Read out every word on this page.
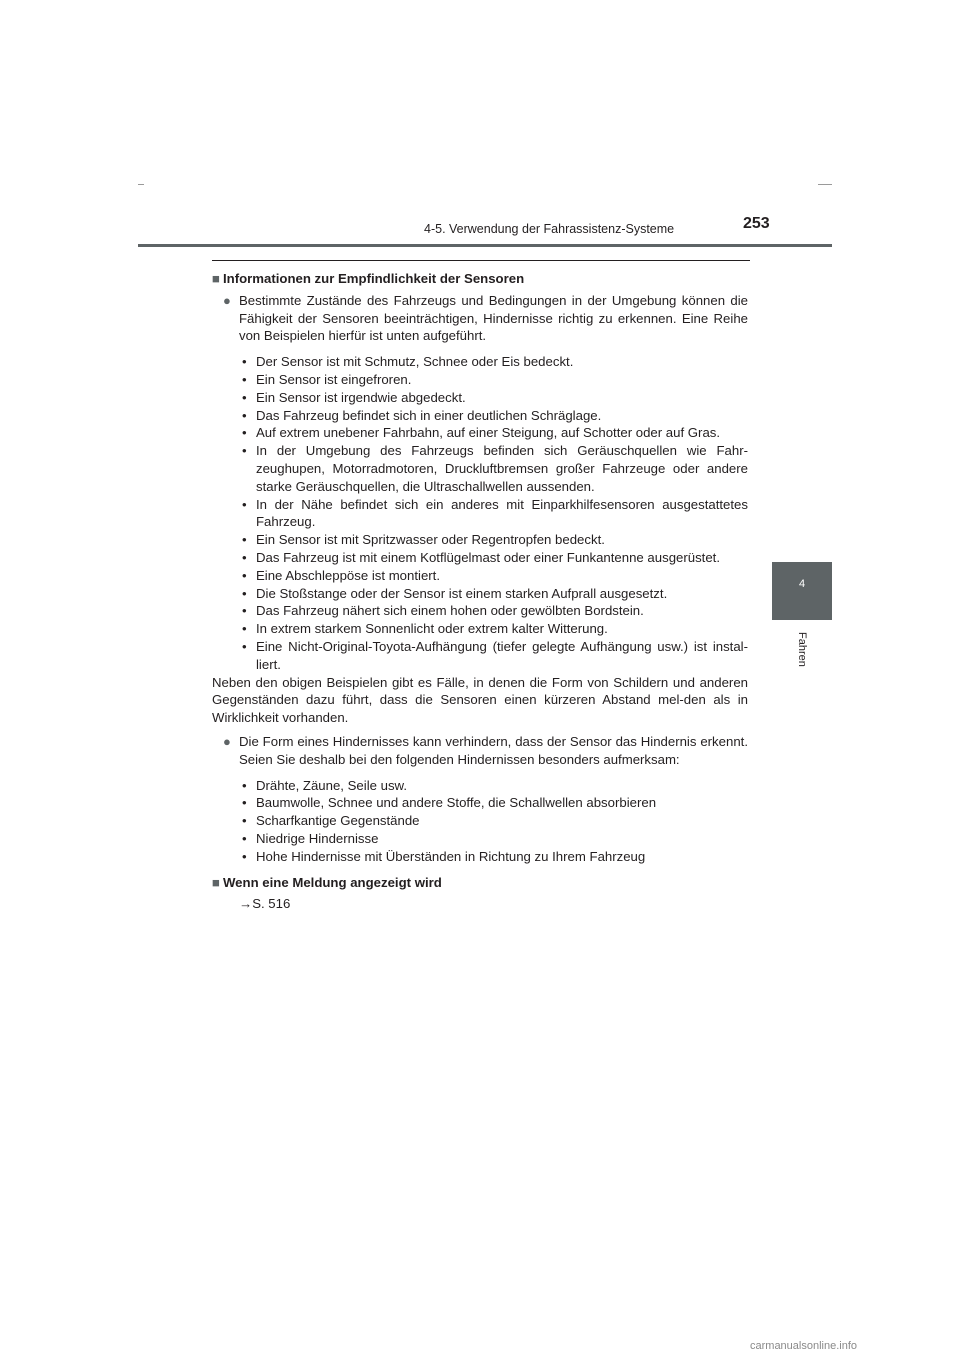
4-5. Verwendung der Fahrassistenz-Systeme	253
4
Fahren

■ Informationen zur Empfindlichkeit der Sensoren

● Bestimmte Zustände des Fahrzeugs und Bedingungen in der Umgebung können die Fähigkeit der Sensoren beeinträchtigen, Hindernisse richtig zu erkennen. Eine Reihe von Beispielen hierfür ist unten aufgeführt.

• Der Sensor ist mit Schmutz, Schnee oder Eis bedeckt.
• Ein Sensor ist eingefroren.
• Ein Sensor ist irgendwie abgedeckt.
• Das Fahrzeug befindet sich in einer deutlichen Schräglage.
• Auf extrem unebener Fahrbahn, auf einer Steigung, auf Schotter oder auf Gras.
• In der Umgebung des Fahrzeugs befinden sich Geräuschquellen wie Fahr-zeughupen, Motorradmotoren, Druckluftbremsen großer Fahrzeuge oder andere starke Geräuschquellen, die Ultraschallwellen aussenden.
• In der Nähe befindet sich ein anderes mit Einparkhilfesensoren ausgestattetes Fahrzeug.
• Ein Sensor ist mit Spritzwasser oder Regentropfen bedeckt.
• Das Fahrzeug ist mit einem Kotflügelmast oder einer Funkantenne ausgerüstet.
• Eine Abschleppöse ist montiert.
• Die Stoßstange oder der Sensor ist einem starken Aufprall ausgesetzt.
• Das Fahrzeug nähert sich einem hohen oder gewölbten Bordstein.
• In extrem starkem Sonnenlicht oder extrem kalter Witterung.
• Eine Nicht-Original-Toyota-Aufhängung (tiefer gelegte Aufhängung usw.) ist instal-liert.

Neben den obigen Beispielen gibt es Fälle, in denen die Form von Schildern und anderen Gegenständen dazu führt, dass die Sensoren einen kürzeren Abstand mel-den als in Wirklichkeit vorhanden.

● Die Form eines Hindernisses kann verhindern, dass der Sensor das Hindernis erkennt. Seien Sie deshalb bei den folgenden Hindernissen besonders aufmerksam:

• Drähte, Zäune, Seile usw.
• Baumwolle, Schnee und andere Stoffe, die Schallwellen absorbieren
• Scharfkantige Gegenstände
• Niedrige Hindernisse
• Hohe Hindernisse mit Überständen in Richtung zu Ihrem Fahrzeug

■ Wenn eine Meldung angezeigt wird

→S. 516

carmanualsonline.info
